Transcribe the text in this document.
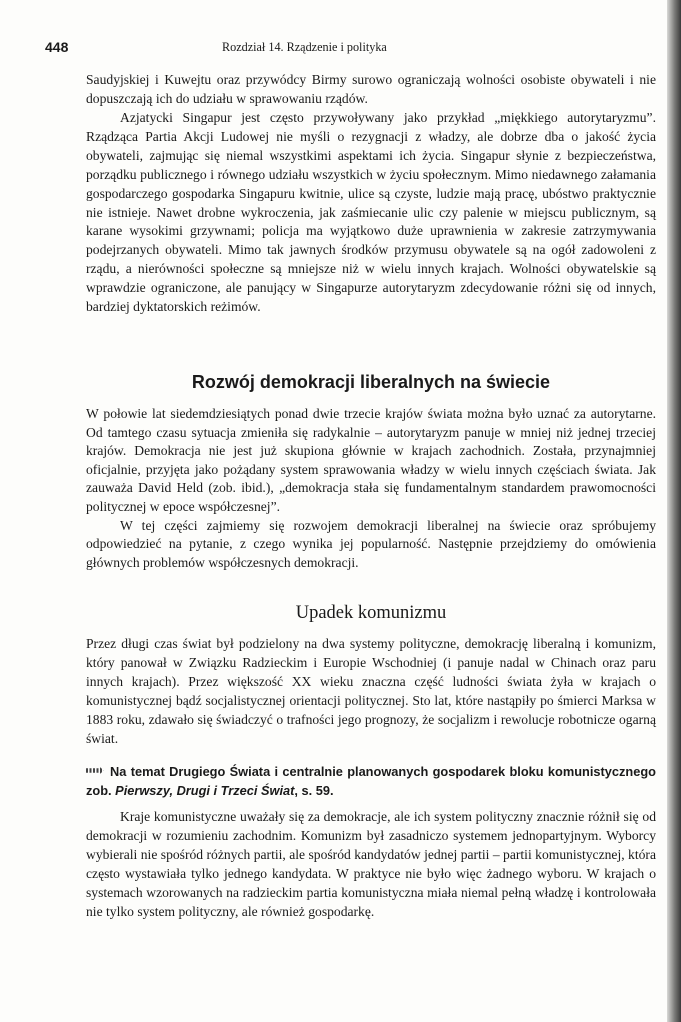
448	Rozdział 14. Rządzenie i polityka

Saudyjskiej i Kuwejtu oraz przywódcy Birmy surowo ograniczają wolności osobiste obywateli i nie dopuszczają ich do udziału w sprawowaniu rządów.

Azjatycki Singapur jest często przywoływany jako przykład „miękkiego autorytaryzmu”. Rządząca Partia Akcji Ludowej nie myśli o rezygnacji z władzy, ale dobrze dba o jakość życia obywateli, zajmując się niemal wszystkimi aspektami ich życia. Singapur słynie z bezpieczeństwa, porządku publicznego i równego udziału wszystkich w życiu społecznym. Mimo niedawnego załamania gospodarczego gospodarka Singapuru kwitnie, ulice są czyste, ludzie mają pracę, ubóstwo praktycznie nie istnieje. Nawet drobne wykroczenia, jak zaśmiecanie ulic czy palenie w miejscu publicznym, są karane wysokimi grzywnami; policja ma wyjątkowo duże uprawnienia w zakresie zatrzymywania podejrzanych obywateli. Mimo tak jawnych środków przymusu obywatele są na ogół zadowoleni z rządu, a nierówności społeczne są mniejsze niż w wielu innych krajach. Wolności obywatelskie są wprawdzie ograniczone, ale panujący w Singapurze autorytaryzm zdecydowanie różni się od innych, bardziej dyktatorskich reżimów.

Rozwój demokracji liberalnych na świecie

W połowie lat siedemdziesiątych ponad dwie trzecie krajów świata można było uznać za autorytarne. Od tamtego czasu sytuacja zmieniła się radykalnie – autorytaryzm panuje w mniej niż jednej trzeciej krajów. Demokracja nie jest już skupiona głównie w krajach zachodnich. Została, przynajmniej oficjalnie, przyjęta jako pożądany system sprawowania władzy w wielu innych częściach świata. Jak zauważa David Held (zob. ibid.), „demokracja stała się fundamentalnym standardem prawomocności politycznej w epoce współczesnej”.

W tej części zajmiemy się rozwojem demokracji liberalnej na świecie oraz spróbujemy odpowiedzieć na pytanie, z czego wynika jej popularność. Następnie przejdziemy do omówienia głównych problemów współczesnych demokracji.

Upadek komunizmu

Przez długi czas świat był podzielony na dwa systemy polityczne, demokrację liberalną i komunizm, który panował w Związku Radzieckim i Europie Wschodniej (i panuje nadal w Chinach oraz paru innych krajach). Przez większość XX wieku znaczna część ludności świata żyła w krajach o komunistycznej bądź socjalistycznej orientacji politycznej. Sto lat, które nastąpiły po śmierci Marksa w 1883 roku, zdawało się świadczyć o trafności jego prognozy, że socjalizm i rewolucje robotnicze ogarną świat.

Na temat Drugiego Świata i centralnie planowanych gospodarek bloku komunistycznego zob. Pierwszy, Drugi i Trzeci Świat, s. 59.

Kraje komunistyczne uważały się za demokracje, ale ich system polityczny znacznie różnił się od demokracji w rozumieniu zachodnim. Komunizm był zasadniczo systemem jednopartyjnym. Wyborcy wybierali nie spośród różnych partii, ale spośród kandydatów jednej partii – partii komunistycznej, która często wystawiała tylko jednego kandydata. W praktyce nie było więc żadnego wyboru. W krajach o systemach wzorowanych na radzieckim partia komunistyczna miała niemal pełną władzę i kontrolowała nie tylko system polityczny, ale również gospodarkę.
